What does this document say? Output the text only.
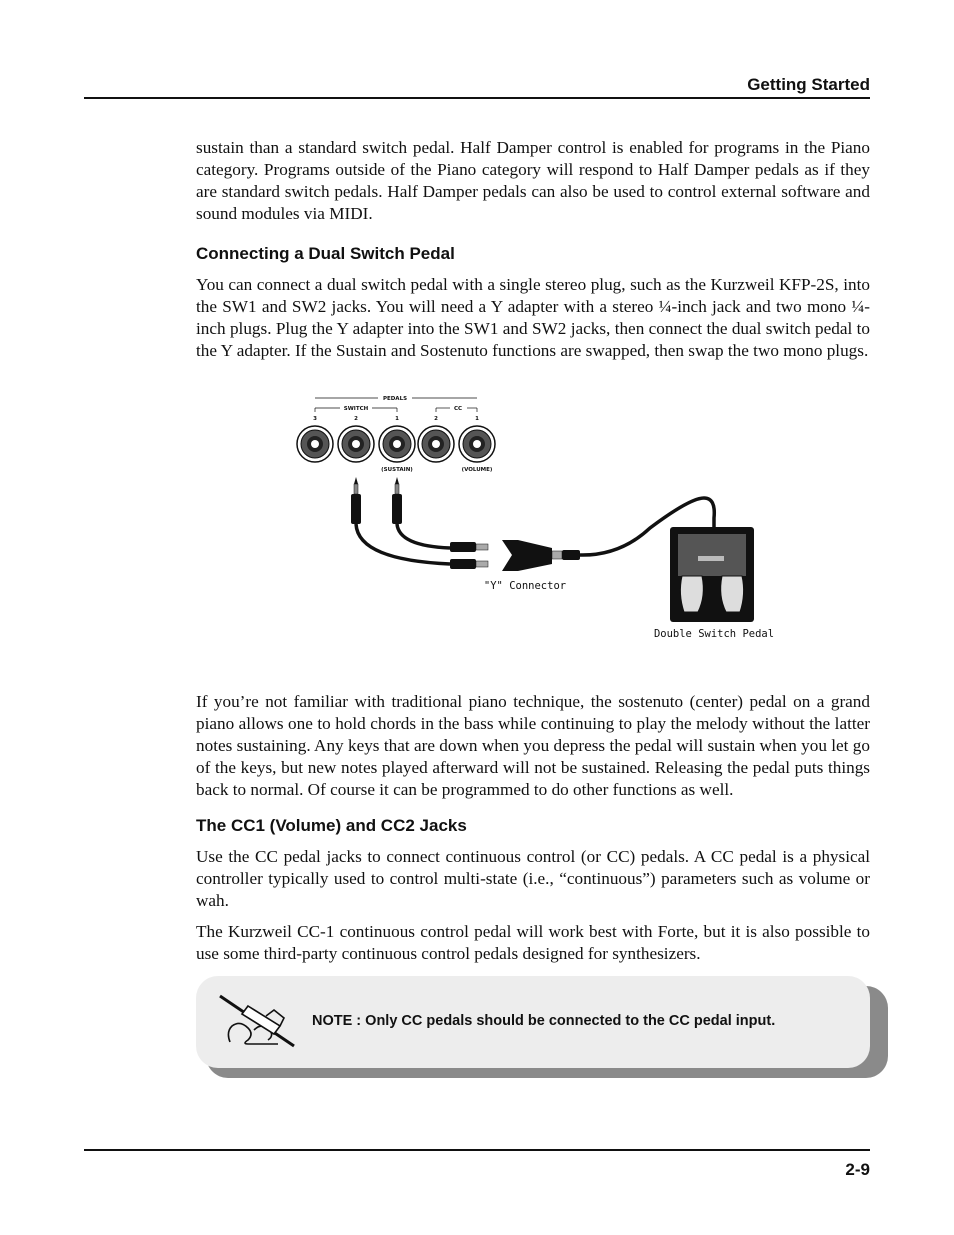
Getting Started

sustain than a standard switch pedal. Half Damper control is enabled for programs in the Piano category. Programs outside of the Piano category will respond to Half Damper pedals as if they are standard switch pedals. Half Damper pedals can also be used to control external software and sound modules via MIDI.

Connecting a Dual Switch Pedal

You can connect a dual switch pedal with a single stereo plug, such as the Kurzweil KFP-2S, into the SW1 and SW2 jacks. You will need a Y adapter with a stereo ¼-inch jack and two mono ¼-inch plugs. Plug the Y adapter into the SW1 and SW2 jacks, then connect the dual switch pedal to the Y adapter. If the Sustain and Sostenuto functions are swapped, then swap the two mono plugs.

PEDALS
SWITCH	CC
3	2	1	2	1
(SUSTAIN)	(VOLUME)
"Y" Connector
Double Switch Pedal

If you’re not familiar with traditional piano technique, the sostenuto (center) pedal on a grand piano allows one to hold chords in the bass while continuing to play the melody without the latter notes sustaining. Any keys that are down when you depress the pedal will sustain when you let go of the keys, but new notes played afterward will not be sustained. Releasing the pedal puts things back to normal. Of course it can be programmed to do other functions as well.

The CC1 (Volume) and CC2 Jacks

Use the CC pedal jacks to connect continuous control (or CC) pedals. A CC pedal is a physical controller typically used to control multi-state (i.e., “continuous”) parameters such as volume or wah.

The Kurzweil CC-1 continuous control pedal will work best with Forte, but it is also possible to use some third-party continuous control pedals designed for synthesizers.

NOTE : Only CC pedals should be connected to the CC pedal input.
2-9
